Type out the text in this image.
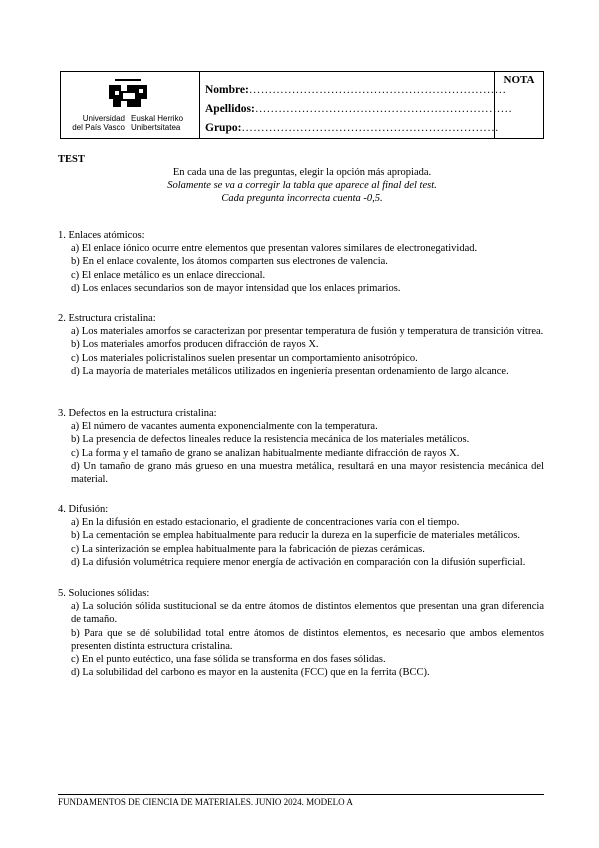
Universidad
del País Vasco
Euskal Herriko
Unibertsitatea
Nombre:…………………………………………………………
Apellidos:…………………………………………………………
Grupo:…………………………………………………………
NOTA
TEST
En cada una de las preguntas, elegir la opción más apropiada.
Solamente se va a corregir la tabla que aparece al final del test.
Cada pregunta incorrecta cuenta -0,5.

1. Enlaces atómicos:

a) El enlace iónico ocurre entre elementos que presentan valores similares de electronegatividad.

b) En el enlace covalente, los átomos comparten sus electrones de valencia.

c) El enlace metálico es un enlace direccional.

d) Los enlaces secundarios son de mayor intensidad que los enlaces primarios.

2. Estructura cristalina:

a) Los materiales amorfos se caracterizan por presentar temperatura de fusión y temperatura de transición vítrea.

b) Los materiales amorfos producen difracción de rayos X.

c) Los materiales policristalinos suelen presentar un comportamiento anisotrópico.

d) La mayoría de materiales metálicos utilizados en ingeniería presentan ordenamiento de largo alcance.

3. Defectos en la estructura cristalina:

a) El número de vacantes aumenta exponencialmente con la temperatura.

b) La presencia de defectos lineales reduce la resistencia mecánica de los materiales metálicos.

c) La forma y el tamaño de grano se analizan habitualmente mediante difracción de rayos X.

d) Un tamaño de grano más grueso en una muestra metálica, resultará en una mayor resistencia mecánica del material.

4. Difusión:

a) En la difusión en estado estacionario, el gradiente de concentraciones varía con el tiempo.

b) La cementación se emplea habitualmente para reducir la dureza en la superficie de materiales metálicos.

c) La sinterización se emplea habitualmente para la fabricación de piezas cerámicas.

d) La difusión volumétrica requiere menor energía de activación en comparación con la difusión superficial.

5. Soluciones sólidas:

a) La solución sólida sustitucional se da entre átomos de distintos elementos que presentan una gran diferencia de tamaño.

b) Para que se dé solubilidad total entre átomos de distintos elementos, es necesario que ambos elementos presenten distinta estructura cristalina.

c) En el punto eutéctico, una fase sólida se transforma en dos fases sólidas.

d) La solubilidad del carbono es mayor en la austenita (FCC) que en la ferrita (BCC).

FUNDAMENTOS DE CIENCIA DE MATERIALES. JUNIO 2024. MODELO A
